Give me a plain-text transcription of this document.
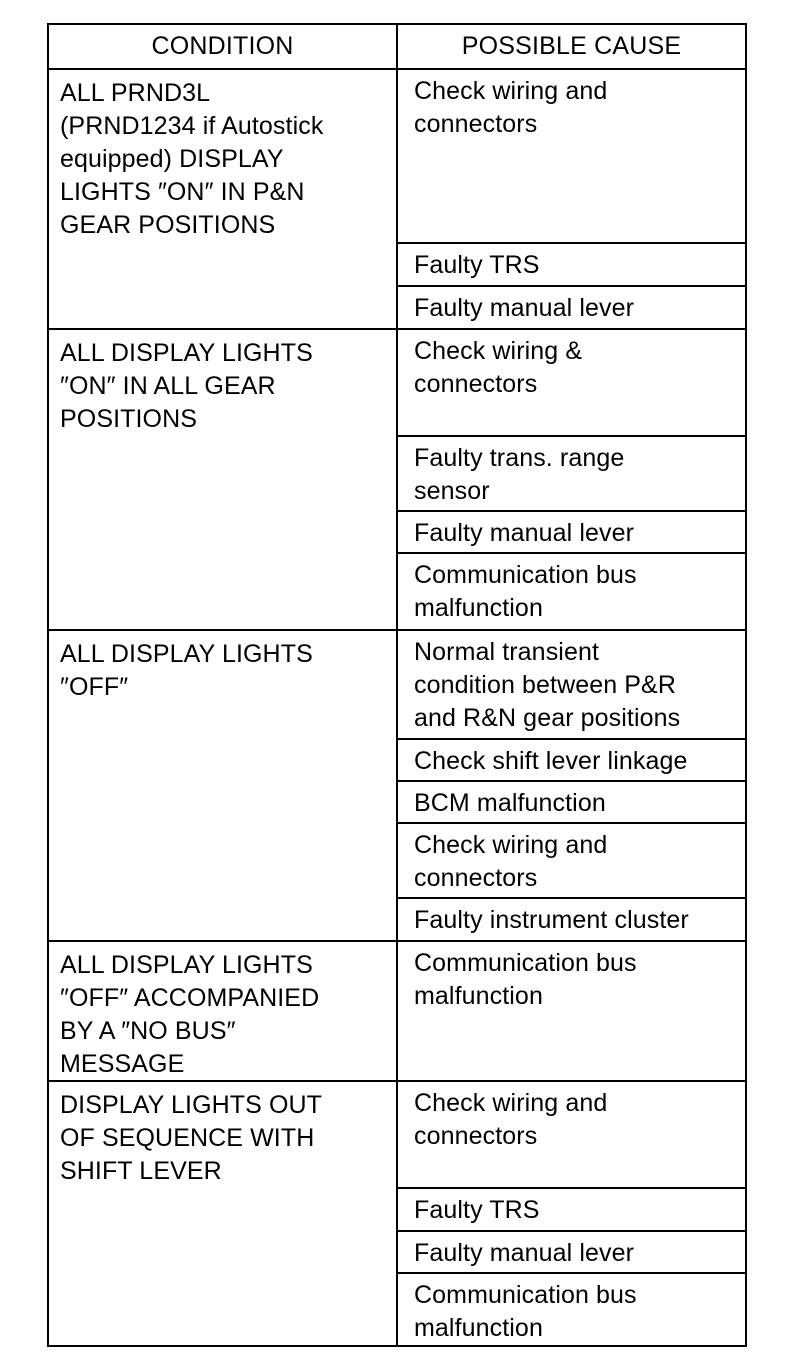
CONDITION	POSSIBLE CAUSE
ALL PRND3L
(PRND1234 if Autostick
equipped) DISPLAY
LIGHTS ″ON″ IN P&N
GEAR POSITIONS
Check wiring and
connectors
Faulty TRS
Faulty manual lever
ALL DISPLAY LIGHTS
″ON″ IN ALL GEAR
POSITIONS
Check wiring &
connectors
Faulty trans. range
sensor
Faulty manual lever
Communication bus
malfunction
ALL DISPLAY LIGHTS
″OFF″
Normal transient
condition between P&R
and R&N gear positions
Check shift lever linkage
BCM malfunction
Check wiring and
connectors
Faulty instrument cluster
ALL DISPLAY LIGHTS
″OFF″ ACCOMPANIED
BY A ″NO BUS″
MESSAGE
Communication bus
malfunction
DISPLAY LIGHTS OUT
OF SEQUENCE WITH
SHIFT LEVER
Check wiring and
connectors
Faulty TRS
Faulty manual lever
Communication bus
malfunction
